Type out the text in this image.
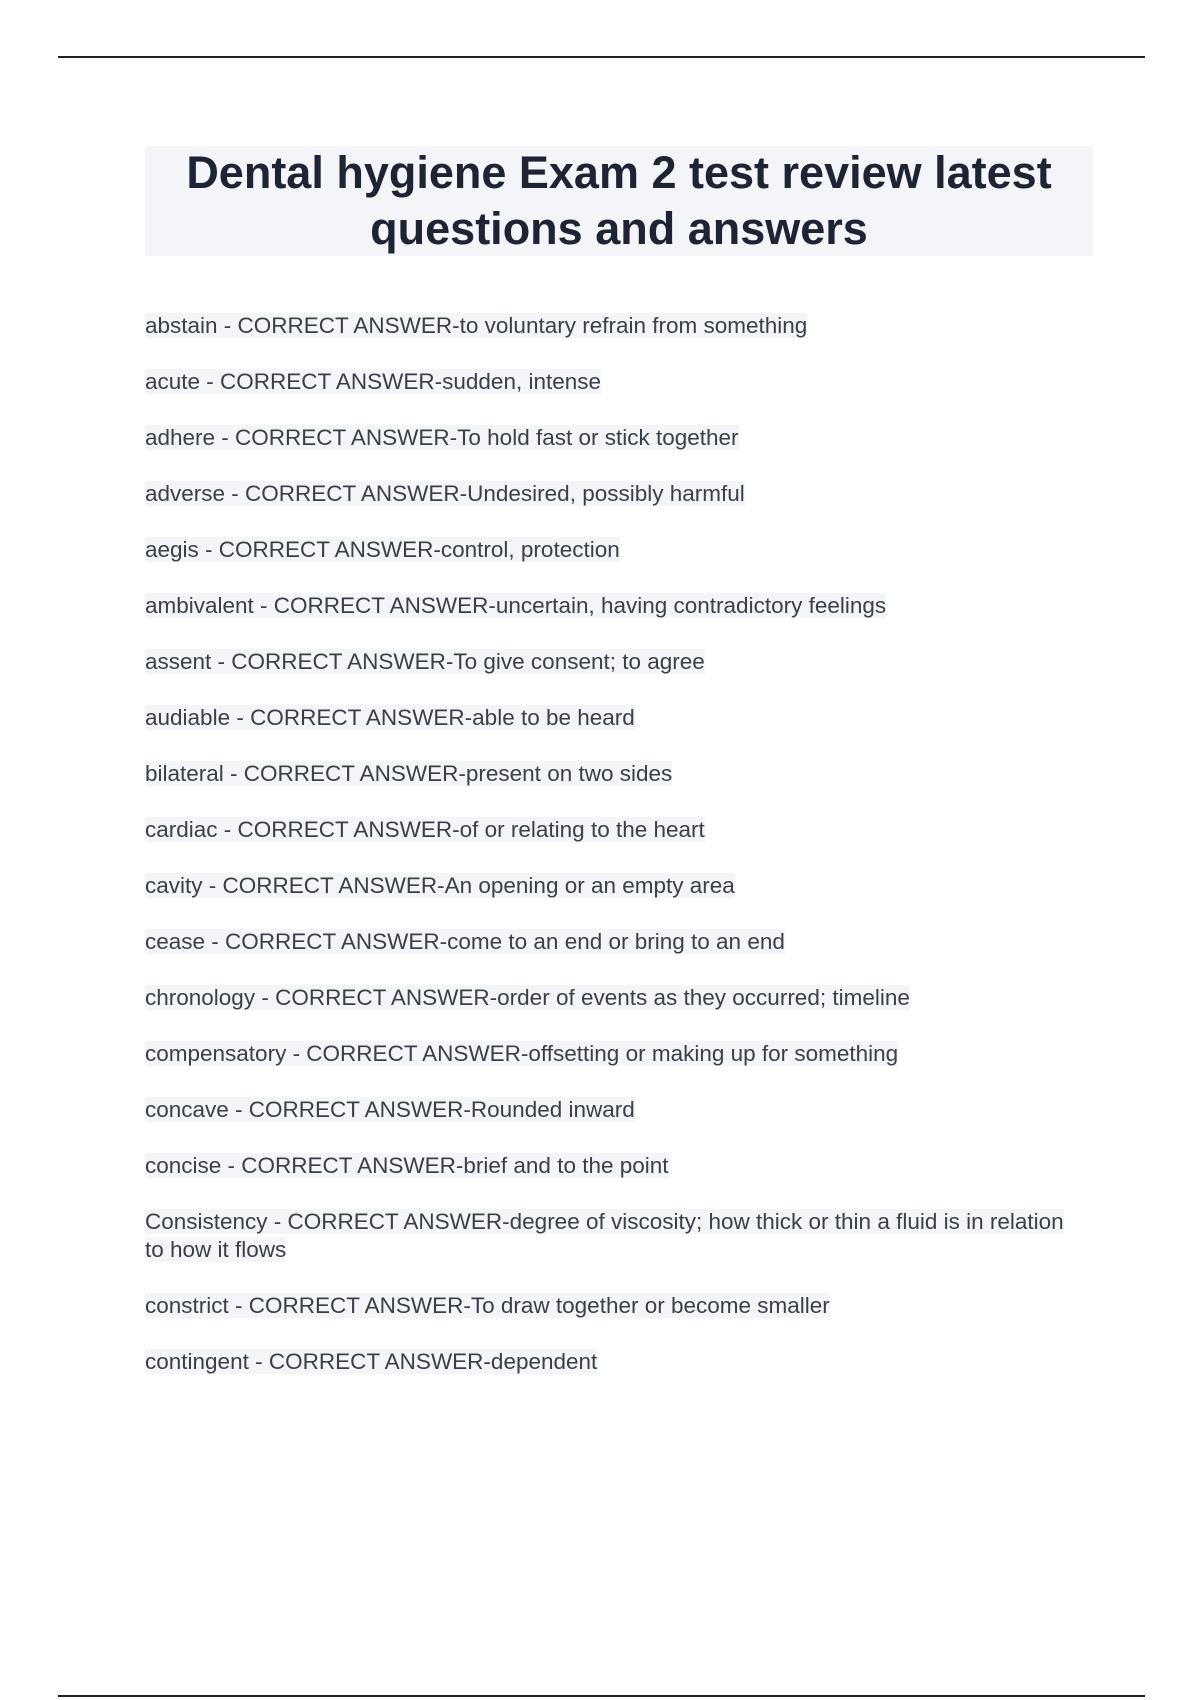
Dental hygiene Exam 2 test review latest questions and answers
abstain - CORRECT ANSWER-to voluntary refrain from something
acute - CORRECT ANSWER-sudden, intense
adhere - CORRECT ANSWER-To hold fast or stick together
adverse - CORRECT ANSWER-Undesired, possibly harmful
aegis - CORRECT ANSWER-control, protection
ambivalent - CORRECT ANSWER-uncertain, having contradictory feelings
assent - CORRECT ANSWER-To give consent; to agree
audiable - CORRECT ANSWER-able to be heard
bilateral - CORRECT ANSWER-present on two sides
cardiac - CORRECT ANSWER-of or relating to the heart
cavity - CORRECT ANSWER-An opening or an empty area
cease - CORRECT ANSWER-come to an end or bring to an end
chronology - CORRECT ANSWER-order of events as they occurred; timeline
compensatory - CORRECT ANSWER-offsetting or making up for something
concave - CORRECT ANSWER-Rounded inward
concise - CORRECT ANSWER-brief and to the point
Consistency - CORRECT ANSWER-degree of viscosity; how thick or thin a fluid is in relation to how it flows
constrict - CORRECT ANSWER-To draw together or become smaller
contingent - CORRECT ANSWER-dependent
